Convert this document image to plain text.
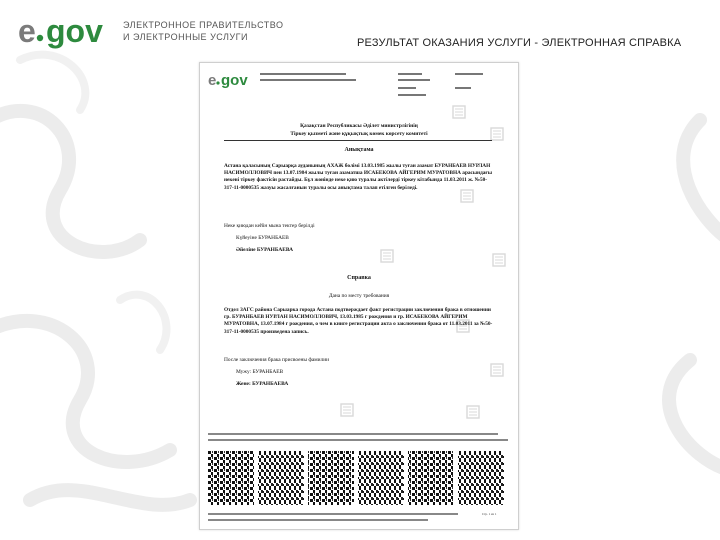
e gov ЭЛЕКТРОННОЕ ПРАВИТЕЛЬСТВО
И ЭЛЕКТРОННЫЕ УСЛУГИ	РЕЗУЛЬТАТ ОКАЗАНИЯ УСЛУГИ - ЭЛЕКТРОННАЯ СПРАВКА
e gov
Қазақстан Республикасы Әділет министрлігінің
Тіркеу қызметі және құқықтық көмек көрсету комитеті
Анықтама
Астана қаласының Сарыарқа ауданының АХАЖ бөлімі 13.03.1985 жылы туған азамат БУРАНБАЕВ НУРЛАН НАСИМОЛЛОВИЧ пен 13.07.1984 жылы туған азаматша ИСАБЕКОВА АЙГЕРИМ МУРАТОВНА арасындағы некені тіркеу фактісін растайды. Бұл жөнінде неке қию туралы актілерді тіркеу кітабында 11.03.2011 ж. №50-317-11-0000535 жазуы жасалғанын туралы осы анықтама талап етілген беріледі.
Неке қиюдан кейін мына тектер берілді
Күйеуіне БУРАНБАЕВ
Әйеліне БУРАНБАЕВА
Справка
Дана по месту требования
Отдел ЗАГС района Сарыарка города Астана подтверждает факт регистрации заключения брака в отношении гр. БУРАНБАЕВ НУРЛАН НАСИМОЛЛОВИЧ, 13.03.1985 г рождения и гр. ИСАБЕКОВА АЙГЕРИМ МУРАТОВНА, 13.07.1984 г рождения, о чем в книге регистрации акта о заключении брака от 11.03.2011 за №50-317-11-0000535 произведена запись.
После заключения брака присвоены фамилии
Мужу: БУРАНБАЕВ
Жене: БУРАНБАЕВА
Стр. 1 из 1
